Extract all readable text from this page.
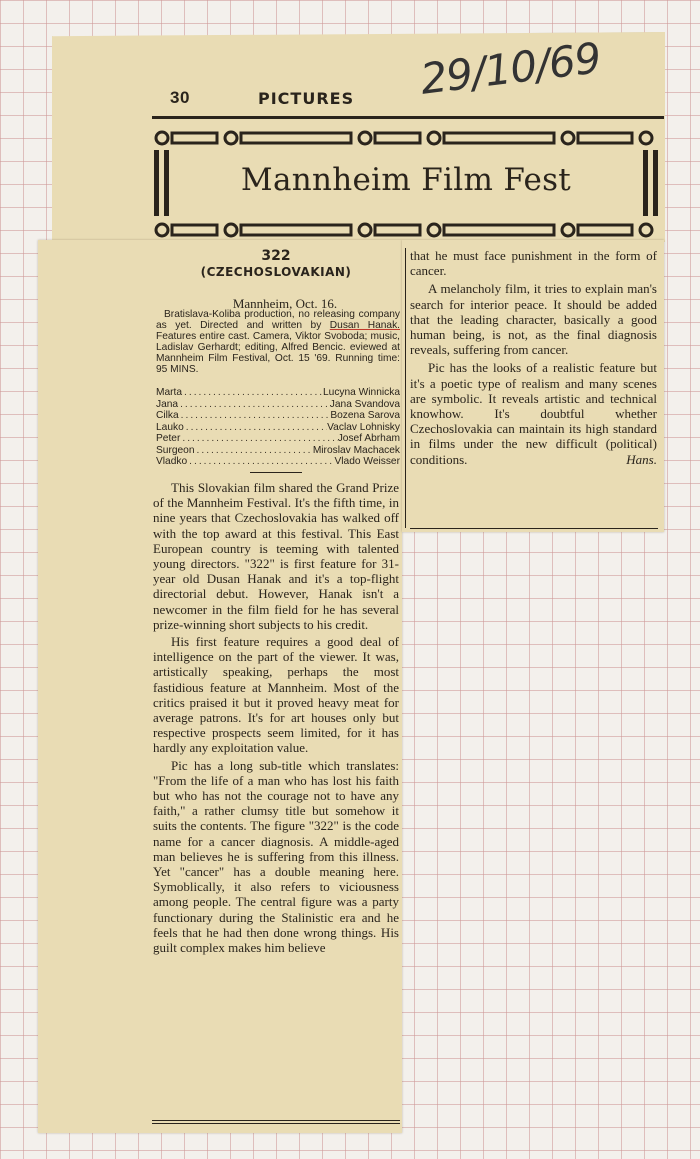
30	PICTURES 29/10/69
Mannheim Film Fest
322
(CZECHOSLOVAKIAN)
Mannheim, Oct. 16.
Bratislava-Koliba production, no releasing company as yet. Directed and written by Dusan Hanak. Features entire cast. Camera, Viktor Svoboda; music, Ladislav Gerhardt; editing, Alfred Bencic. eviewed at Mannheim Film Festival, Oct. 15 '69. Running time: 95 MINS.
Marta .....	Lucyna Winnicka
Jana .....	Jana Svandova
Cilka .....	Bozena Sarova
Lauko .....	Vaclav Lohnisky
Peter .....	Josef Abrham
Surgeon .....	Miroslav Machacek
Vladko .....	Vlado Weisser

This Slovakian film shared the Grand Prize of the Mannheim Festival. It's the fifth time, in nine years that Czechoslovakia has walked off with the top award at this festival. This East European country is teeming with talented young directors. "322" is first feature for 31-year old Dusan Hanak and it's a top-flight directorial debut. However, Hanak isn't a newcomer in the film field for he has several prize-winning short subjects to his credit.

His first feature requires a good deal of intelligence on the part of the viewer. It was, artistically speaking, perhaps the most fastidious feature at Mannheim. Most of the critics praised it but it proved heavy meat for average patrons. It's for art houses only but respective prospects seem limited, for it has hardly any exploitation value.

Pic has a long sub-title which translates: "From the life of a man who has lost his faith but who has not the courage not to have any faith," a rather clumsy title but somehow it suits the contents. The figure "322" is the code name for a cancer diagnosis. A middle-aged man believes he is suffering from this illness. Yet "cancer" has a double meaning here. Symoblically, it also refers to viciousness among people. The central figure was a party functionary during the Stalinistic era and he feels that he had then done wrong things. His guilt complex makes him believe

that he must face punishment in the form of cancer.

A melancholy film, it tries to explain man's search for interior peace. It should be added that the leading character, basically a good human being, is not, as the final diagnosis reveals, suffering from cancer.

Pic has the looks of a realistic feature but it's a poetic type of realism and many scenes are symbolic. It reveals artistic and technical knowhow. It's doubtful whether Czechoslovakia can maintain its high standard in films under the new difficult (political) conditions.	Hans.
